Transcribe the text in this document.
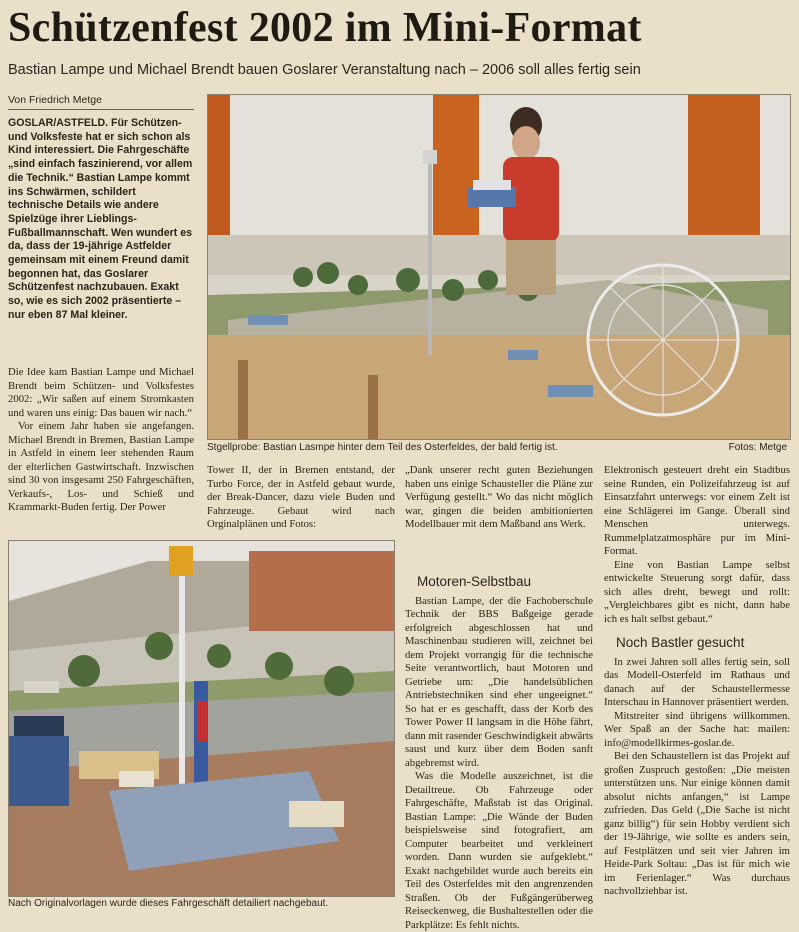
Schützenfest 2002 im Mini-Format
Bastian Lampe und Michael Brendt bauen Goslarer Veranstaltung nach – 2006 soll alles fertig sein
Von Friedrich Metge
GOSLAR/ASTFELD. Für Schützen- und Volksfeste hat er sich schon als Kind interessiert. Die Fahrgeschäfte „sind einfach faszinierend, vor allem die Technik.“ Bastian Lampe kommt ins Schwärmen, schildert technische Details wie andere Spielzüge ihrer Lieblings-Fußballmannschaft. Wen wundert es da, dass der 19-jährige Astfelder gemeinsam mit einem Freund damit begonnen hat, das Goslarer Schützenfest nachzubauen. Exakt so, wie es sich 2002 präsentierte – nur eben 87 Mal kleiner.

Die Idee kam Bastian Lampe und Michael Brendt beim Schützen- und Volksfestes 2002: „Wir saßen auf einem Stromkasten und waren uns einig: Das bauen wir nach.“

Vor einem Jahr haben sie angefangen. Michael Brendt in Bremen, Bastian Lampe in Astfeld in einem leer stehenden Raum der elterlichen Gastwirtschaft. Inzwischen sind 30 von insgesamt 250 Fahrgeschäften, Verkaufs-, Los- und Schieß und Krammarkt-Buden fertig. Der Power

Stgellprobe: Bastian Lasmpe hinter dem Teil des Osterfeldes, der bald fertig ist.	Fotos: Metge

Tower II, der in Bremen entstand, der Turbo Force, der in Astfeld gebaut wurde, der Break-Dancer, dazu viele Buden und Fahrzeuge. Gebaut wird nach Orginalplänen und Fotos:

„Dank unserer recht guten Beziehungen haben uns einige Schausteller die Pläne zur Verfügung gestellt.“ Wo das nicht möglich war, gingen die beiden ambitionierten Modellbauer mit dem Maßband ans Werk.

Motoren-Selbstbau

Bastian Lampe, der die Fachoberschule Technik der BBS Baßgeige gerade erfolgreich abgeschlossen hat und Maschinenbau studieren will, zeichnet bei dem Projekt vorrangig für die technische Seite verantwortlich, baut Motoren und Getriebe um: „Die handelsüblichen Antriebstechniken sind eher ungeeignet.“ So hat er es geschafft, dass der Korb des Tower Power II langsam in die Höhe fährt, dann mit rasender Geschwindigkeit abwärts saust und kurz über dem Boden sanft abgebremst wird.

Was die Modelle auszeichnet, ist die Detailtreue. Ob Fahrzeuge oder Fahrgeschäfte, Maßstab ist das Original. Bastian Lampe: „Die Wände der Buden beispielsweise sind fotografiert, am Computer bearbeitet und verkleinert worden. Dann wurden sie aufgeklebt.“ Exakt nachgebildet wurde auch bereits ein Teil des Osterfeldes mit den angrenzenden Straßen. Ob der Fußgängerüberweg Reiseckenweg, die Bushaltestellen oder die Parkplätze: Es fehlt nichts.

Elektronisch gesteuert dreht ein Stadtbus seine Runden, ein Polizeifahrzeug ist auf Einsatzfahrt unterwegs: vor einem Zelt ist eine Schlägerei im Gange. Überall sind Menschen unterwegs. Rummelplatzatmosphäre pur im Mini-Format.

Eine von Bastian Lampe selbst entwickelte Steuerung sorgt dafür, dass sich alles dreht, bewegt und rollt: „Vergleichbares gibt es nicht, dann habe ich es halt selbst gebaut.“

Noch Bastler gesucht

In zwei Jahren soll alles fertig sein, soll das Modell-Osterfeld im Rathaus und danach auf der Schaustellermesse Interschau in Hannover präsentiert werden.

Mitstreiter sind übrigens willkommen. Wer Spaß an der Sache hat: mailen: info@modellkirmes-goslar.de.

Bei den Schaustellern ist das Projekt auf großen Zuspruch gestoßen: „Die meisten unterstützen uns. Nur einige können damit absolut nichts anfangen,“ ist Lampe zufrieden. Das Geld („Die Sache ist nicht ganz billig“) für sein Hobby verdient sich der 19-Jährige, wie sollte es anders sein, auf Festplätzen und seit vier Jahren im Heide-Park Soltau: „Das ist für mich wie im Ferienlager.“ Was durchaus nachvollziehbar ist.

Nach Originalvorlagen wurde dieses Fahrgeschäft detailiert nachgebaut.
